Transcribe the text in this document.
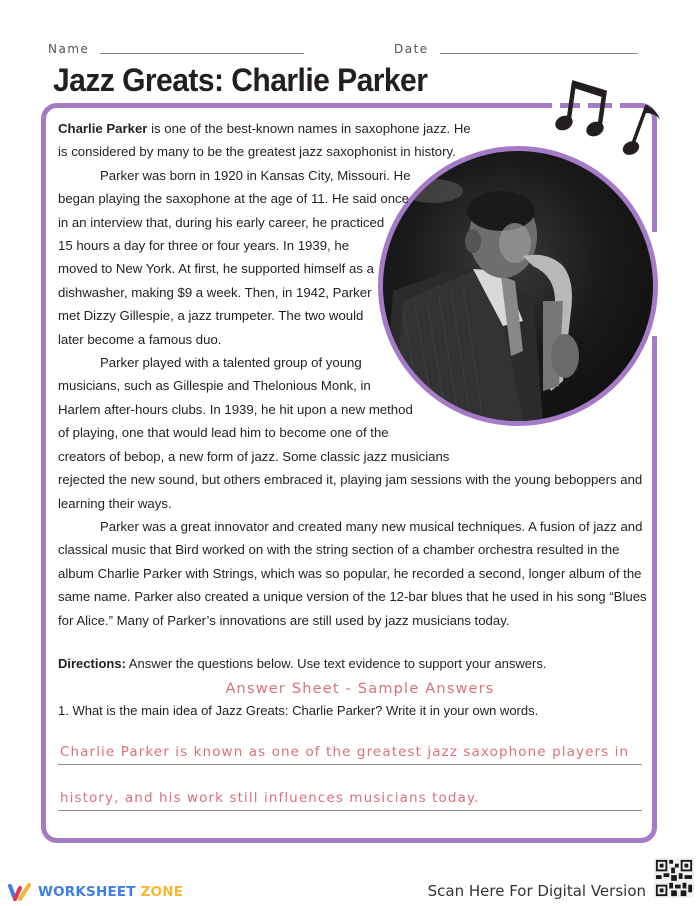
Name	Date
Jazz Greats: Charlie Parker

Charlie Parker is one of the best-known names in saxophone jazz. He is considered by many to be the greatest jazz saxophonist in history.

Parker was born in 1920 in Kansas City, Missouri. He
began playing the saxophone at the age of 11. He said once
in an interview that, during his early career, he practiced
15 hours a day for three or four years. In 1939, he
moved to New York. At first, he supported himself as a
dishwasher, making $9 a week. Then, in 1942, Parker
met Dizzy Gillespie, a jazz trumpeter. The two would
later become a famous duo.

Parker played with a talented group of young
musicians, such as Gillespie and Thelonious Monk, in
Harlem after-hours clubs. In 1939, he hit upon a new method
of playing, one that would lead him to become one of the
creators of bebop, a new form of jazz. Some classic jazz musicians
rejected the new sound, but others embraced it, playing jam sessions with the young beboppers and
learning their ways.

Parker was a great innovator and created many new musical techniques. A fusion of jazz and classical music that Bird worked on with the string section of a chamber orchestra resulted in the album Charlie Parker with Strings, which was so popular, he recorded a second, longer album of the same name. Parker also created a unique version of the 12-bar blues that he used in his song “Blues for Alice.” Many of Parker’s innovations are still used by jazz musicians today.

Directions: Answer the questions below. Use text evidence to support your answers.
Answer Sheet - Sample Answers
1. What is the main idea of Jazz Greats: Charlie Parker? Write it in your own words.
Charlie Parker is known as one of the greatest jazz saxophone players in
history, and his work still influences musicians today.
WORKSHEET ZONE	Scan Here For Digital Version
